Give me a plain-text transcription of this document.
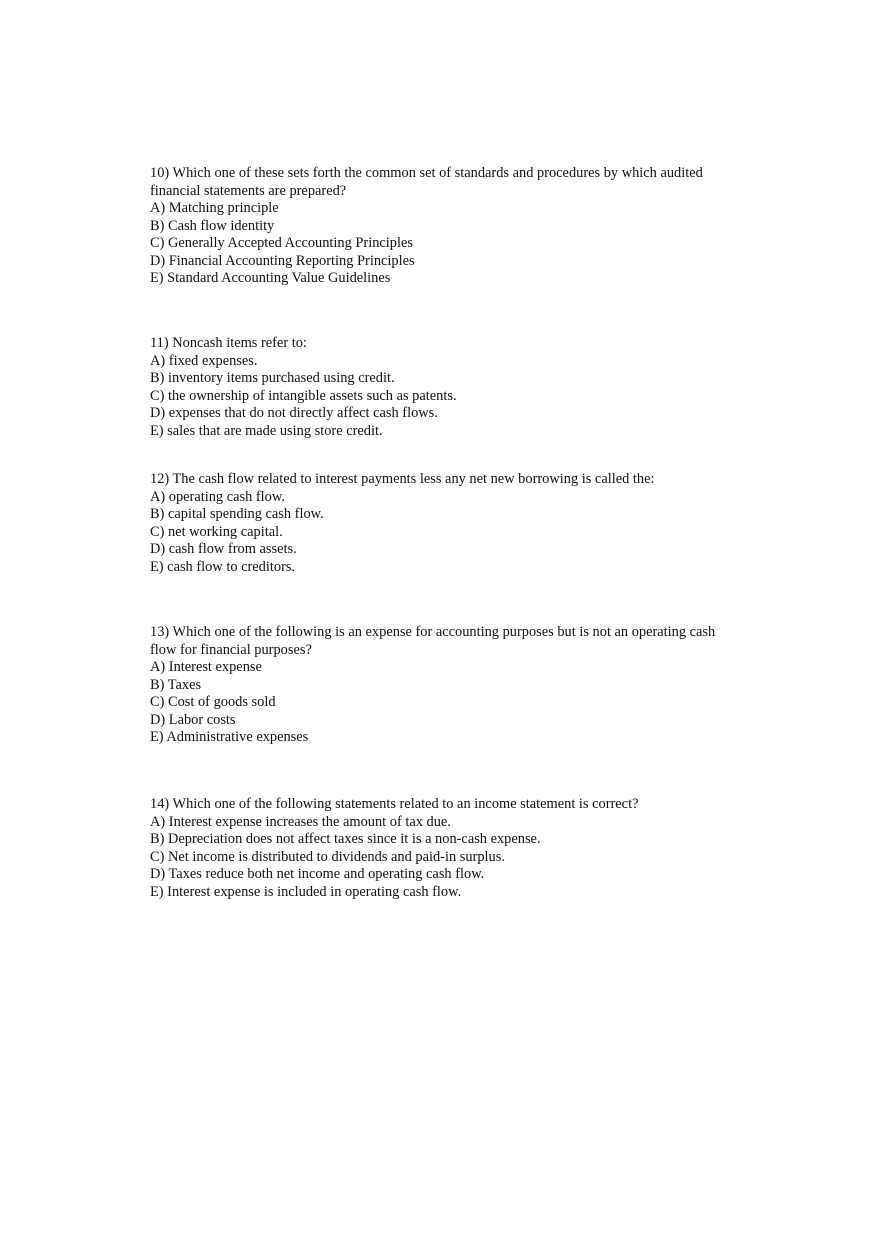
10) Which one of these sets forth the common set of standards and procedures by which audited financial statements are prepared?
A) Matching principle
B) Cash flow identity
C) Generally Accepted Accounting Principles
D) Financial Accounting Reporting Principles
E) Standard Accounting Value Guidelines
11) Noncash items refer to:
A) fixed expenses.
B) inventory items purchased using credit.
C) the ownership of intangible assets such as patents.
D) expenses that do not directly affect cash flows.
E) sales that are made using store credit.
12) The cash flow related to interest payments less any net new borrowing is called the:
A) operating cash flow.
B) capital spending cash flow.
C) net working capital.
D) cash flow from assets.
E) cash flow to creditors.
13) Which one of the following is an expense for accounting purposes but is not an operating cash flow for financial purposes?
A) Interest expense
B) Taxes
C) Cost of goods sold
D) Labor costs
E) Administrative expenses
14) Which one of the following statements related to an income statement is correct?
A) Interest expense increases the amount of tax due.
B) Depreciation does not affect taxes since it is a non-cash expense.
C) Net income is distributed to dividends and paid-in surplus.
D) Taxes reduce both net income and operating cash flow.
E) Interest expense is included in operating cash flow.
